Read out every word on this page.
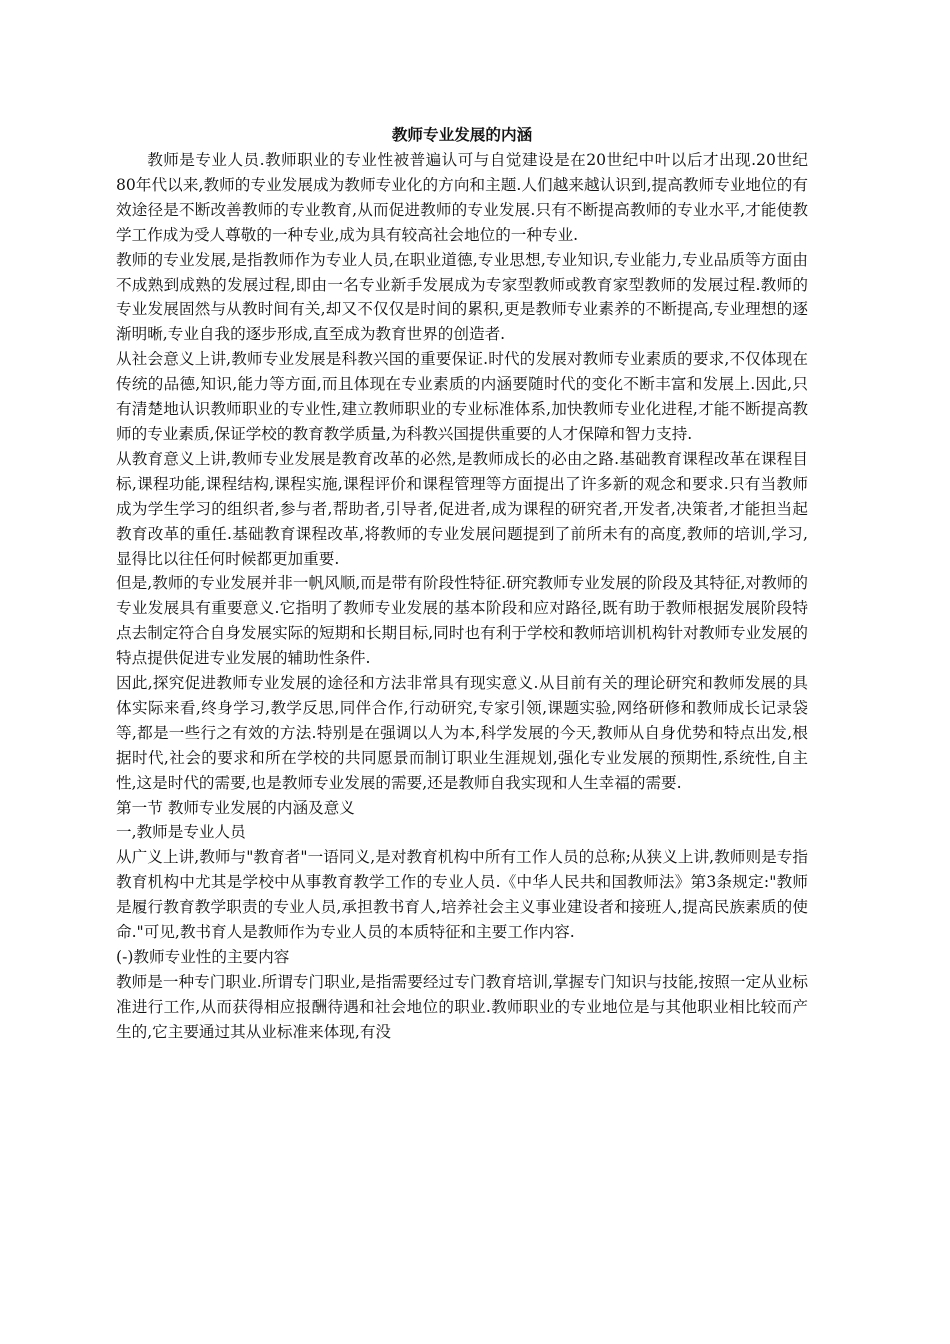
教师专业发展的内涵

教师是专业人员.教师职业的专业性被普遍认可与自觉建设是在20世纪中叶以后才出现.20世纪80年代以来,教师的专业发展成为教师专业化的方向和主题.人们越来越认识到,提高教师专业地位的有效途径是不断改善教师的专业教育,从而促进教师的专业发展.只有不断提高教师的专业水平,才能使教学工作成为受人尊敬的一种专业,成为具有较高社会地位的一种专业.

教师的专业发展,是指教师作为专业人员,在职业道德,专业思想,专业知识,专业能力,专业品质等方面由不成熟到成熟的发展过程,即由一名专业新手发展成为专家型教师或教育家型教师的发展过程.教师的专业发展固然与从教时间有关,却又不仅仅是时间的累积,更是教师专业素养的不断提高,专业理想的逐渐明晰,专业自我的逐步形成,直至成为教育世界的创造者.

从社会意义上讲,教师专业发展是科教兴国的重要保证.时代的发展对教师专业素质的要求,不仅体现在传统的品德,知识,能力等方面,而且体现在专业素质的内涵要随时代的变化不断丰富和发展上.因此,只有清楚地认识教师职业的专业性,建立教师职业的专业标准体系,加快教师专业化进程,才能不断提高教师的专业素质,保证学校的教育教学质量,为科教兴国提供重要的人才保障和智力支持.

从教育意义上讲,教师专业发展是教育改革的必然,是教师成长的必由之路.基础教育课程改革在课程目标,课程功能,课程结构,课程实施,课程评价和课程管理等方面提出了许多新的观念和要求.只有当教师成为学生学习的组织者,参与者,帮助者,引导者,促进者,成为课程的研究者,开发者,决策者,才能担当起教育改革的重任.基础教育课程改革,将教师的专业发展问题提到了前所未有的高度,教师的培训,学习,显得比以往任何时候都更加重要.

但是,教师的专业发展并非一帆风顺,而是带有阶段性特征.研究教师专业发展的阶段及其特征,对教师的专业发展具有重要意义.它指明了教师专业发展的基本阶段和应对路径,既有助于教师根据发展阶段特点去制定符合自身发展实际的短期和长期目标,同时也有利于学校和教师培训机构针对教师专业发展的特点提供促进专业发展的辅助性条件.

因此,探究促进教师专业发展的途径和方法非常具有现实意义.从目前有关的理论研究和教师发展的具体实际来看,终身学习,教学反思,同伴合作,行动研究,专家引领,课题实验,网络研修和教师成长记录袋等,都是一些行之有效的方法.特别是在强调以人为本,科学发展的今天,教师从自身优势和特点出发,根据时代,社会的要求和所在学校的共同愿景而制订职业生涯规划,强化专业发展的预期性,系统性,自主性,这是时代的需要,也是教师专业发展的需要,还是教师自我实现和人生幸福的需要.

第一节 教师专业发展的内涵及意义

一,教师是专业人员

从广义上讲,教师与"教育者"一语同义,是对教育机构中所有工作人员的总称;从狭义上讲,教师则是专指教育机构中尤其是学校中从事教育教学工作的专业人员.《中华人民共和国教师法》第3条规定:"教师是履行教育教学职责的专业人员,承担教书育人,培养社会主义事业建设者和接班人,提高民族素质的使命."可见,教书育人是教师作为专业人员的本质特征和主要工作内容.

(-)教师专业性的主要内容

教师是一种专门职业.所谓专门职业,是指需要经过专门教育培训,掌握专门知识与技能,按照一定从业标准进行工作,从而获得相应报酬待遇和社会地位的职业.教师职业的专业地位是与其他职业相比较而产生的,它主要通过其从业标准来体现,有没
